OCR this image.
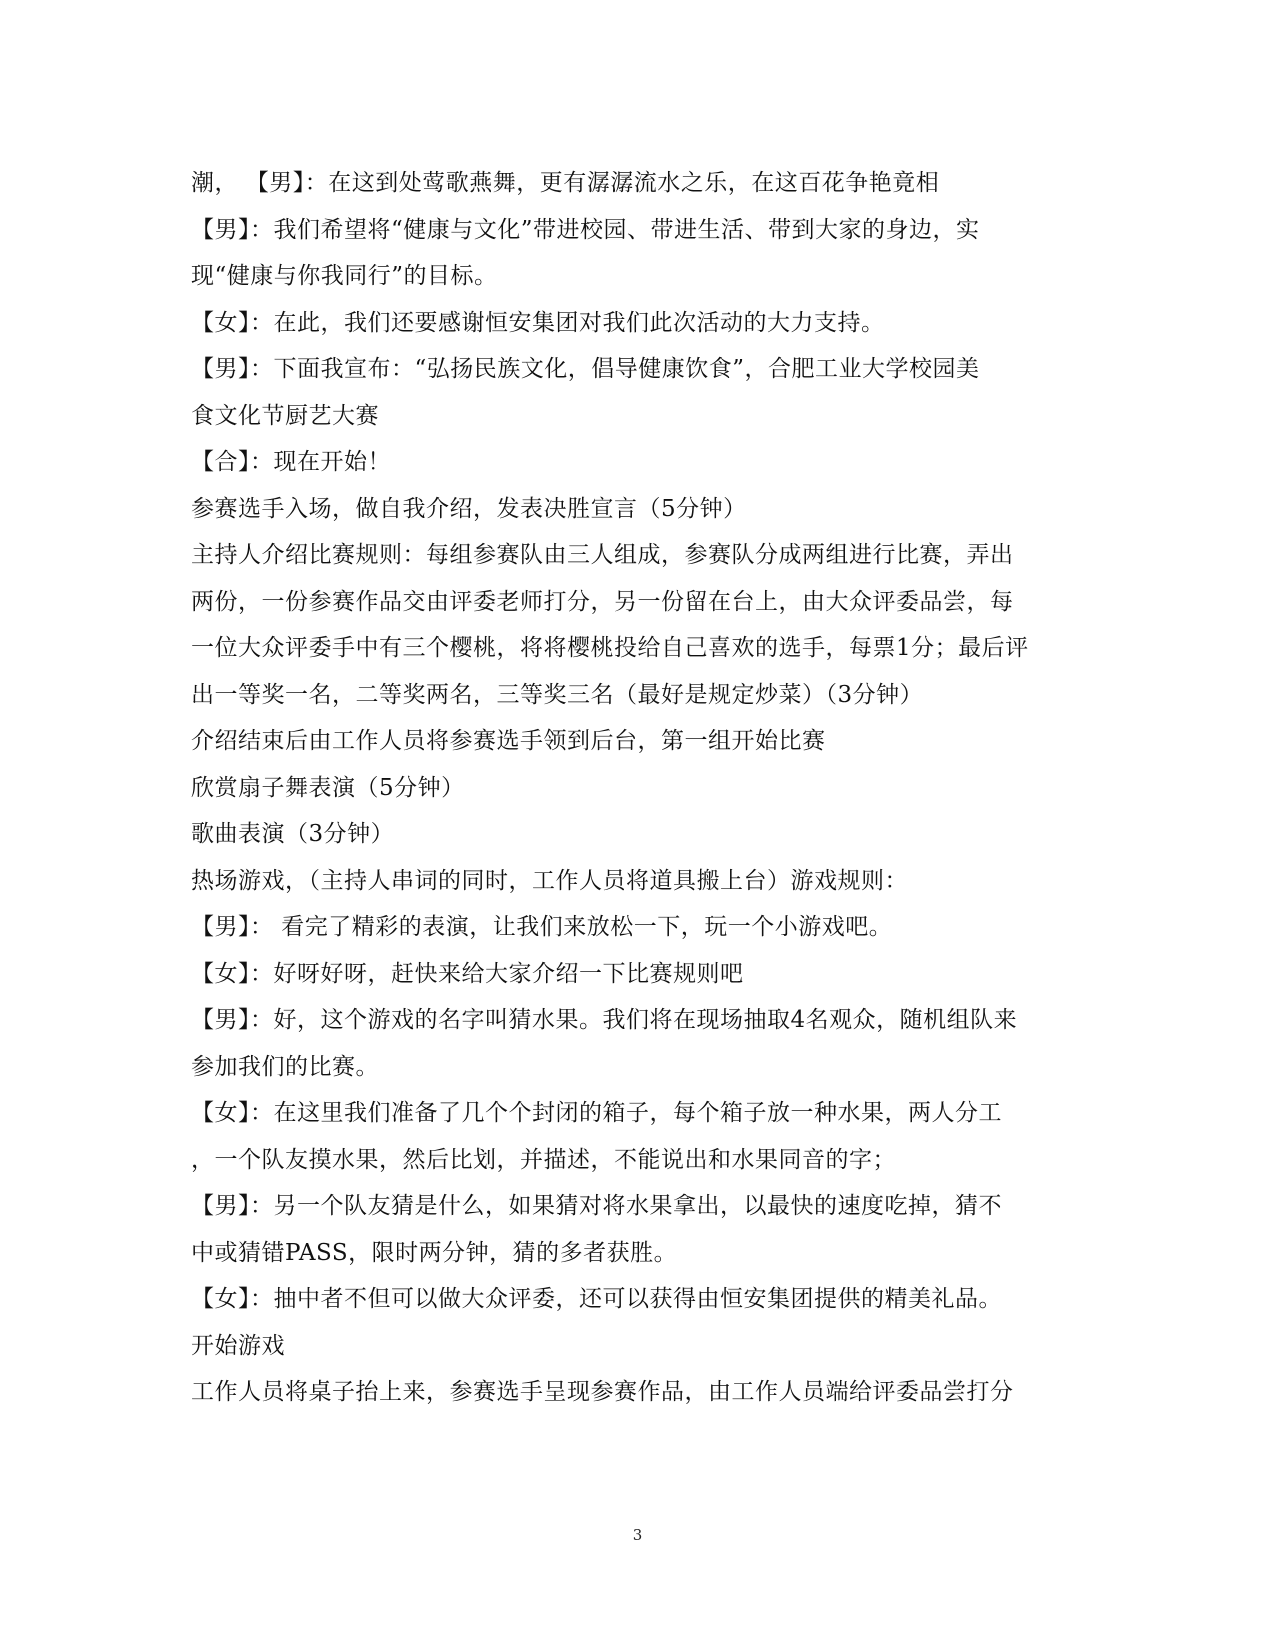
潮， 【男】：在这到处莺歌燕舞，更有潺潺流水之乐，在这百花争艳竟相
【男】：我们希望将“健康与文化”带进校园、带进生活、带到大家的身边，实
现“健康与你我同行”的目标。
【女】：在此，我们还要感谢恒安集团对我们此次活动的大力支持。
【男】：下面我宣布：“弘扬民族文化，倡导健康饮食”，合肥工业大学校园美
食文化节厨艺大赛
【合】：现在开始！
参赛选手入场，做自我介绍，发表决胜宣言（5分钟）
主持人介绍比赛规则：每组参赛队由三人组成，参赛队分成两组进行比赛，弄出
两份，一份参赛作品交由评委老师打分，另一份留在台上，由大众评委品尝，每
一位大众评委手中有三个樱桃，将将樱桃投给自己喜欢的选手，每票1分；最后评
出一等奖一名，二等奖两名，三等奖三名（最好是规定炒菜）（3分钟）
介绍结束后由工作人员将参赛选手领到后台，第一组开始比赛
欣赏扇子舞表演（5分钟）
歌曲表演（3分钟）
热场游戏，（主持人串词的同时，工作人员将道具搬上台）游戏规则：
【男】： 看完了精彩的表演，让我们来放松一下，玩一个小游戏吧。
【女】：好呀好呀，赶快来给大家介绍一下比赛规则吧
【男】：好，这个游戏的名字叫猜水果。我们将在现场抽取4名观众，随机组队来
参加我们的比赛。
【女】：在这里我们准备了几个个封闭的箱子，每个箱子放一种水果，两人分工
，一个队友摸水果，然后比划，并描述，不能说出和水果同音的字；
【男】：另一个队友猜是什么，如果猜对将水果拿出，以最快的速度吃掉，猜不
中或猜错PASS，限时两分钟，猜的多者获胜。
【女】：抽中者不但可以做大众评委，还可以获得由恒安集团提供的精美礼品。
开始游戏
工作人员将桌子抬上来，参赛选手呈现参赛作品，由工作人员端给评委品尝打分
3
